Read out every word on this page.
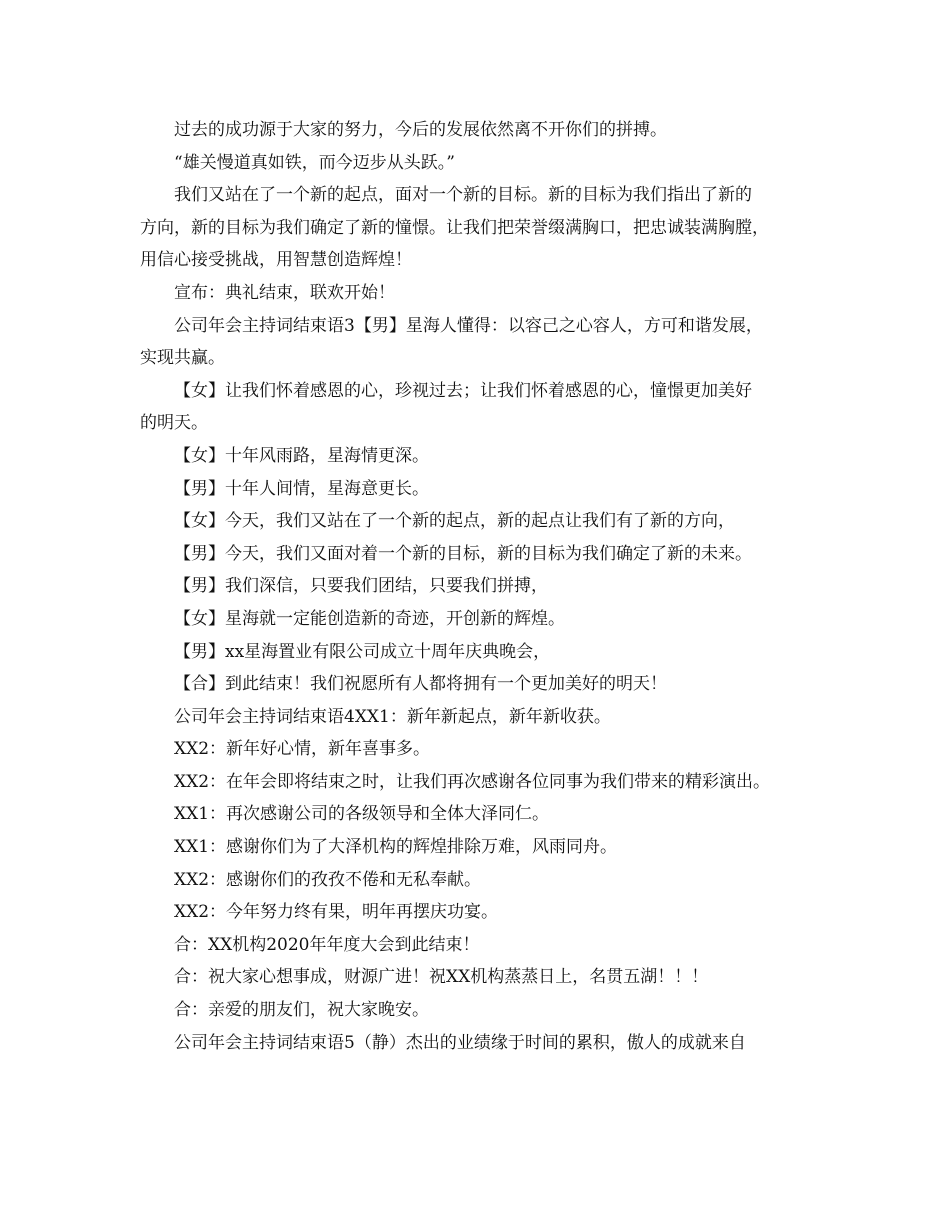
过去的成功源于大家的努力，今后的发展依然离不开你们的拼搏。
“雄关慢道真如铁，而今迈步从头跃。”
我们又站在了一个新的起点，面对一个新的目标。新的目标为我们指出了新的
方向，新的目标为我们确定了新的憧憬。让我们把荣誉缀满胸口，把忠诚装满胸膛，
用信心接受挑战，用智慧创造辉煌！
宣布：典礼结束，联欢开始！
公司年会主持词结束语3【男】星海人懂得：以容己之心容人，方可和谐发展，
实现共赢。
【女】让我们怀着感恩的心，珍视过去；让我们怀着感恩的心，憧憬更加美好
的明天。
【女】十年风雨路，星海情更深。
【男】十年人间情，星海意更长。
【女】今天，我们又站在了一个新的起点，新的起点让我们有了新的方向，
【男】今天，我们又面对着一个新的目标，新的目标为我们确定了新的未来。
【男】我们深信，只要我们团结，只要我们拼搏，
【女】星海就一定能创造新的奇迹，开创新的辉煌。
【男】xx星海置业有限公司成立十周年庆典晚会，
【合】到此结束！我们祝愿所有人都将拥有一个更加美好的明天！
公司年会主持词结束语4XX1：新年新起点，新年新收获。
XX2：新年好心情，新年喜事多。
XX2：在年会即将结束之时，让我们再次感谢各位同事为我们带来的精彩演出。
XX1：再次感谢公司的各级领导和全体大泽同仁。
XX1：感谢你们为了大泽机构的辉煌排除万难，风雨同舟。
XX2：感谢你们的孜孜不倦和无私奉献。
XX2：今年努力终有果，明年再摆庆功宴。
合：XX机构2020年年度大会到此结束！
合：祝大家心想事成，财源广进！祝XX机构蒸蒸日上，名贯五湖！！！
合：亲爱的朋友们，祝大家晚安。
公司年会主持词结束语5（静）杰出的业绩缘于时间的累积，傲人的成就来自
